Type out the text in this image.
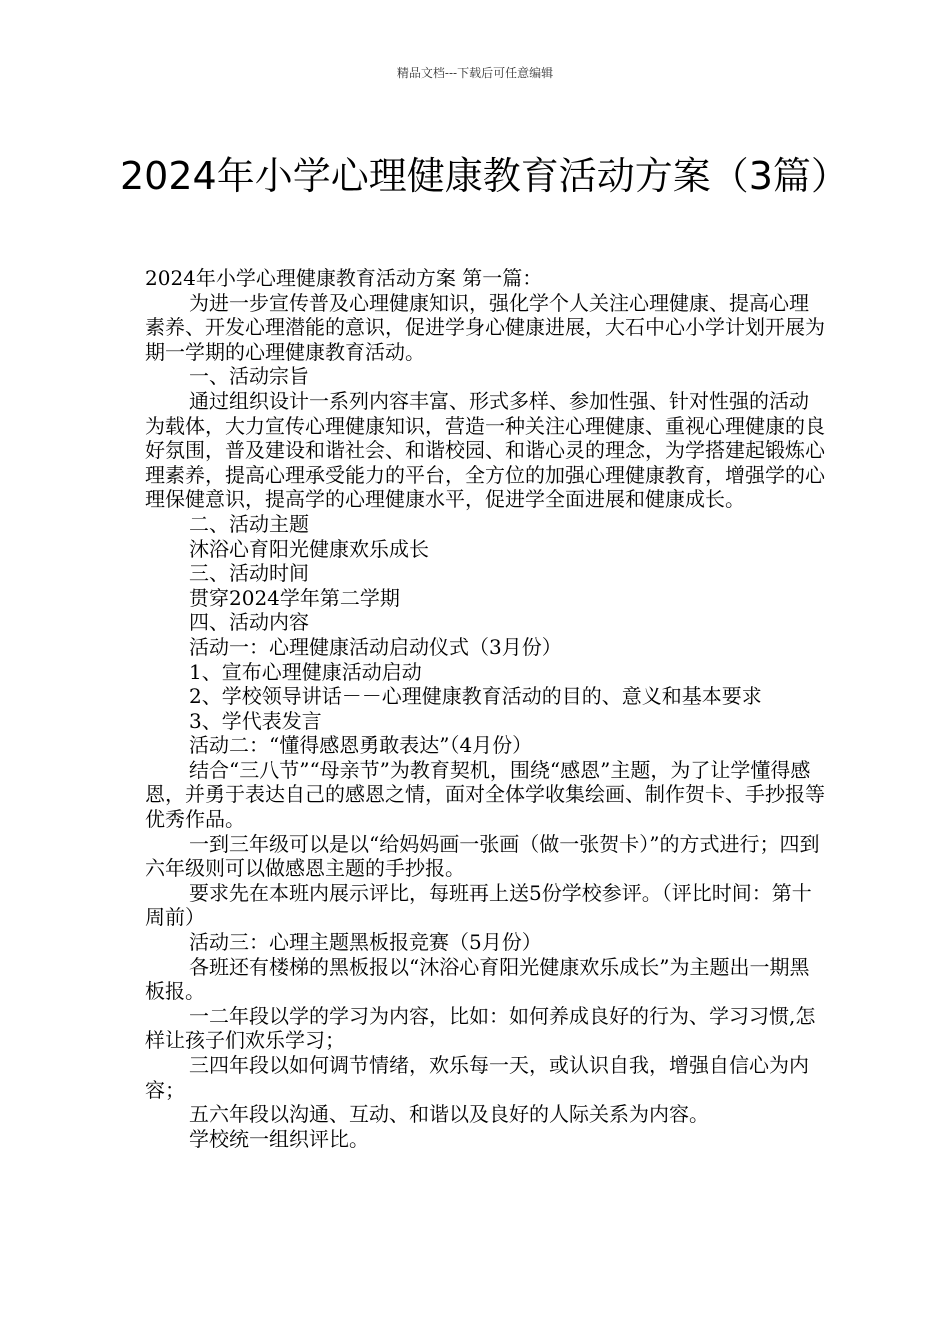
精品文档---下载后可任意编辑
2024年小学心理健康教育活动方案（3篇）

2024年小学心理健康教育活动方案 第一篇：

为进一步宣传普及心理健康知识，强化学个人关注心理健康、提高心理素养、开发心理潜能的意识，促进学身心健康进展，大石中心小学计划开展为期一学期的心理健康教育活动。

一、活动宗旨

通过组织设计一系列内容丰富、形式多样、参加性强、针对性强的活动为载体，大力宣传心理健康知识，营造一种关注心理健康、重视心理健康的良好氛围，普及建设和谐社会、和谐校园、和谐心灵的理念，为学搭建起锻炼心理素养，提高心理承受能力的平台，全方位的加强心理健康教育，增强学的心理保健意识，提高学的心理健康水平，促进学全面进展和健康成长。

二、活动主题

沐浴心育阳光健康欢乐成长

三、活动时间

贯穿2024学年第二学期

四、活动内容

活动一：心理健康活动启动仪式（3月份）

1、宣布心理健康活动启动

2、学校领导讲话－－心理健康教育活动的目的、意义和基本要求

3、学代表发言

活动二：“懂得感恩勇敢表达”（4月份）

结合“三八节”“母亲节”为教育契机，围绕“感恩”主题，为了让学懂得感恩，并勇于表达自己的感恩之情，面对全体学收集绘画、制作贺卡、手抄报等优秀作品。

一到三年级可以是以“给妈妈画一张画（做一张贺卡）”的方式进行；四到六年级则可以做感恩主题的手抄报。

要求先在本班内展示评比，每班再上送5份学校参评。（评比时间：第十周前）

活动三：心理主题黑板报竞赛（5月份）

各班还有楼梯的黑板报以“沐浴心育阳光健康欢乐成长”为主题出一期黑板报。

一二年段以学的学习为内容，比如：如何养成良好的行为、学习习惯,怎样让孩子们欢乐学习；

三四年段以如何调节情绪，欢乐每一天，或认识自我，增强自信心为内容；

五六年段以沟通、互动、和谐以及良好的人际关系为内容。

学校统一组织评比。
